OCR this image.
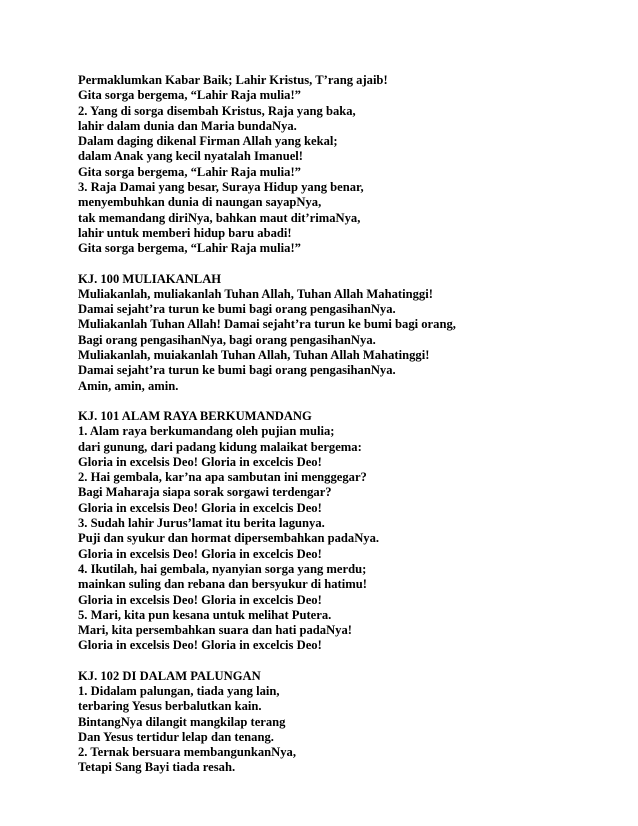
Permaklumkan Kabar Baik; Lahir Kristus, T’rang ajaib!
Gita sorga bergema, “Lahir Raja mulia!”
2. Yang di sorga disembah Kristus, Raja yang baka,
lahir dalam dunia dan Maria bundaNya.
Dalam daging dikenal Firman Allah yang kekal;
dalam Anak yang kecil nyatalah Imanuel!
Gita sorga bergema, “Lahir Raja mulia!”
3. Raja Damai yang besar, Suraya Hidup yang benar,
menyembuhkan dunia di naungan sayapNya,
tak memandang diriNya, bahkan maut dit’rimaNya,
lahir untuk memberi hidup baru abadi!
Gita sorga bergema, “Lahir Raja mulia!”
KJ. 100 MULIAKANLAH
Muliakanlah, muliakanlah Tuhan Allah, Tuhan Allah Mahatinggi!
Damai sejaht’ra turun ke bumi bagi orang pengasihanNya.
Muliakanlah Tuhan Allah! Damai sejaht’ra turun ke bumi bagi orang,
Bagi orang pengasihanNya, bagi orang pengasihanNya.
Muliakanlah, muiakanlah Tuhan Allah, Tuhan Allah Mahatinggi!
Damai sejaht’ra turun ke bumi bagi orang pengasihanNya.
Amin, amin, amin.
KJ. 101 ALAM RAYA BERKUMANDANG
1. Alam raya berkumandang oleh pujian mulia;
dari gunung, dari padang kidung malaikat bergema:
Gloria in excelsis Deo! Gloria in excelcis Deo!
2. Hai gembala, kar’na apa sambutan ini menggegar?
Bagi Maharaja siapa sorak sorgawi terdengar?
Gloria in excelsis Deo! Gloria in excelcis Deo!
3. Sudah lahir Jurus’lamat itu berita lagunya.
Puji dan syukur dan hormat dipersembahkan padaNya.
Gloria in excelsis Deo! Gloria in excelcis Deo!
4. Ikutilah, hai gembala, nyanyian sorga yang merdu;
mainkan suling dan rebana dan bersyukur di hatimu!
Gloria in excelsis Deo! Gloria in excelcis Deo!
5. Mari, kita pun kesana untuk melihat Putera.
Mari, kita persembahkan suara dan hati padaNya!
Gloria in excelsis Deo! Gloria in excelcis Deo!
KJ. 102 DI DALAM PALUNGAN
1. Didalam palungan, tiada yang lain,
terbaring Yesus berbalutkan kain.
BintangNya dilangit mangkilap terang
Dan Yesus tertidur lelap dan tenang.
2. Ternak bersuara membangunkanNya,
Tetapi Sang Bayi tiada resah.
